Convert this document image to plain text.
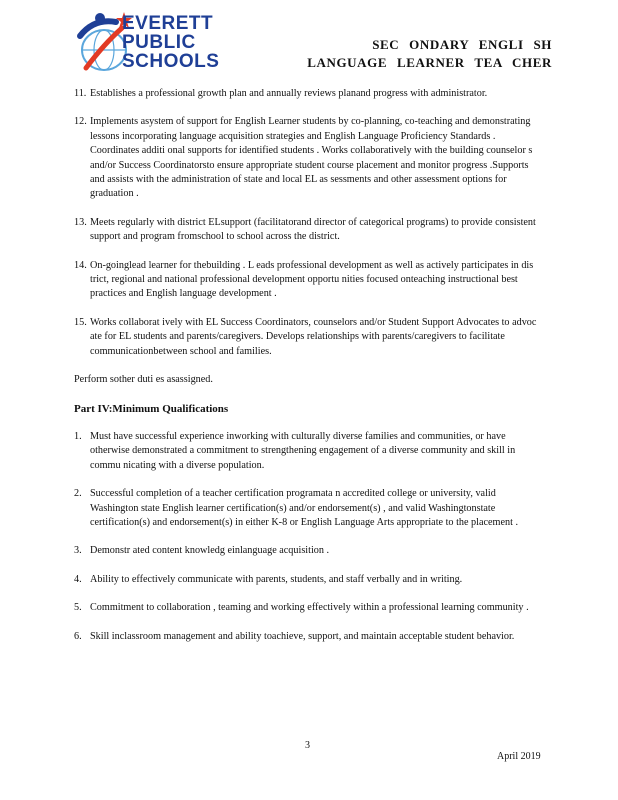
EVERETT
PUBLIC
SCHOOLS
SEC ONDARY ENGLI SH
LANGUAGE LEARNER TEA CHER
11. Establishes a professional growth plan and annually reviews planand progress with administrator.

12. Implements asystem of support for English Learner students by co-planning, co-teaching and demonstrating lessons incorporating language acquisition strategies and English Language Proficiency Standards . Coordinates additi onal supports for identified students . Works collaboratively with the building counselor s and/or Success Coordinatorsto ensure appropriate student course placement and monitor progress .Supports and assists with the administration of state and local EL as sessments and other assessment options for graduation .

13. Meets regularly with district ELsupport (facilitatorand director of categorical programs) to provide consistent support and program fromschool to school across the district.

14. On-goinglead learner for thebuilding . L eads professional development as well as actively participates in dis trict, regional and national professional development opportu nities focused onteaching instructional best practices and English language development .

15. Works collaborat ively with EL Success Coordinators, counselors and/or Student Support Advocates to advoc ate for EL students and parents/caregivers. Develops relationships with parents/caregivers to facilitate communicationbetween school and families.

Perform sother duti es asassigned.

Part IV:Minimum Qualifications

1. Must have successful experience inworking with culturally diverse families and communities, or have otherwise demonstrated a commitment to strengthening engagement of a diverse community and skill in commu nicating with a diverse population.

2. Successful completion of a teacher certification programata n accredited college or university, valid Washington state English learner certification(s) and/or endorsement(s) , and valid Washingtonstate certification(s) and endorsement(s) in either K-8 or English Language Arts appropriate to the placement .

3. Demonstr ated content knowledg einlanguage acquisition .

4. Ability to effectively communicate with parents, students, and staff verbally and in writing.

5. Commitment to collaboration , teaming and working effectively within a professional learning community .

6. Skill inclassroom management and ability toachieve, support, and maintain acceptable student behavior.

3
April 2019
